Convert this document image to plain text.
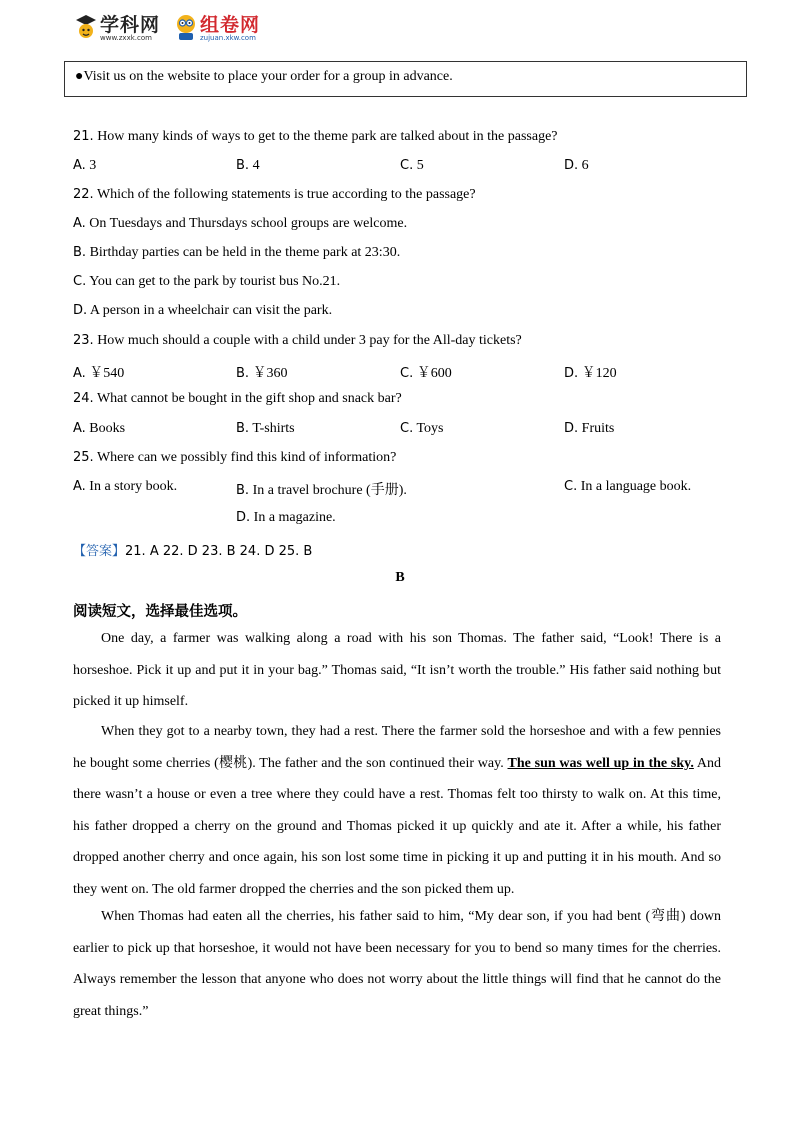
学科网
www.zxxk.com
组卷网
zujuan.xkw.com
●Visit us on the website to place your order for a group in advance.
21. How many kinds of ways to get to the theme park are talked about in the passage?
A. 3	B. 4	C. 5	D. 6
22. Which of the following statements is true according to the passage?
A. On Tuesdays and Thursdays school groups are welcome.
B. Birthday parties can be held in the theme park at 23:30.
C. You can get to the park by tourist bus No.21.
D. A person in a wheelchair can visit the park.
23. How much should a couple with a child under 3 pay for the All-day tickets?
A. ￥540	B. ￥360	C. ￥600	D. ￥120
24. What cannot be bought in the gift shop and snack bar?
A. Books	B. T-shirts	C. Toys	D. Fruits
25. Where can we possibly find this kind of information?
A. In a story book.	B. In a travel brochure (手册).	C. In a language book.
D. In a magazine.
【答案】21. A 22. D 23. B 24. D 25. B
B
阅读短文，选择最佳选项。

One day, a farmer was walking along a road with his son Thomas. The father said, “Look! There is a horseshoe. Pick it up and put it in your bag.” Thomas said, “It isn’t worth the trouble.” His father said nothing but picked it up himself.

When they got to a nearby town, they had a rest. There the farmer sold the horseshoe and with a few pennies he bought some cherries (樱桃). The father and the son continued their way. The sun was well up in the sky. And there wasn’t a house or even a tree where they could have a rest. Thomas felt too thirsty to walk on. At this time, his father dropped a cherry on the ground and Thomas picked it up quickly and ate it. After a while, his father dropped another cherry and once again, his son lost some time in picking it up and putting it in his mouth. And so they went on. The old farmer dropped the cherries and the son picked them up.

When Thomas had eaten all the cherries, his father said to him, “My dear son, if you had bent (弯曲) down earlier to pick up that horseshoe, it would not have been necessary for you to bend so many times for the cherries. Always remember the lesson that anyone who does not worry about the little things will find that he cannot do the great things.”
